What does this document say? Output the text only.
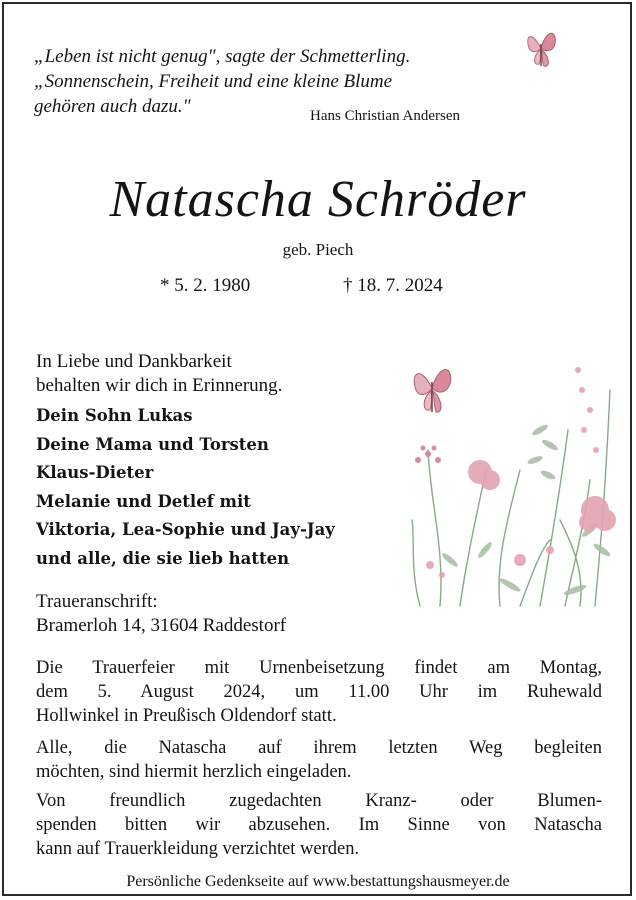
„Leben ist nicht genug", sagte der Schmetterling.
„Sonnenschein, Freiheit und eine kleine Blume
gehören auch dazu."	Hans Christian Andersen
Natascha Schröder
geb. Piech
* 5. 2. 1980	† 18. 7. 2024
In Liebe und Dankbarkeit
behalten wir dich in Erinnerung.
Dein Sohn Lukas
Deine Mama und Torsten
Klaus-Dieter
Melanie und Detlef mit
Viktoria, Lea-Sophie und Jay-Jay
und alle, die sie lieb hatten
Traueranschrift:
Bramerloh 14, 31604 Raddestorf
Die Trauerfeier mit Urnenbeisetzung findet am Montag,
dem 5. August 2024, um 11.00 Uhr im Ruhewald
Hollwinkel in Preußisch Oldendorf statt.
Alle, die Natascha auf ihrem letzten Weg begleiten
möchten, sind hiermit herzlich eingeladen.
Von freundlich zugedachten Kranz- oder Blumen-
spenden bitten wir abzusehen. Im Sinne von Natascha
kann auf Trauerkleidung verzichtet werden.
Persönliche Gedenkseite auf www.bestattungshausmeyer.de
